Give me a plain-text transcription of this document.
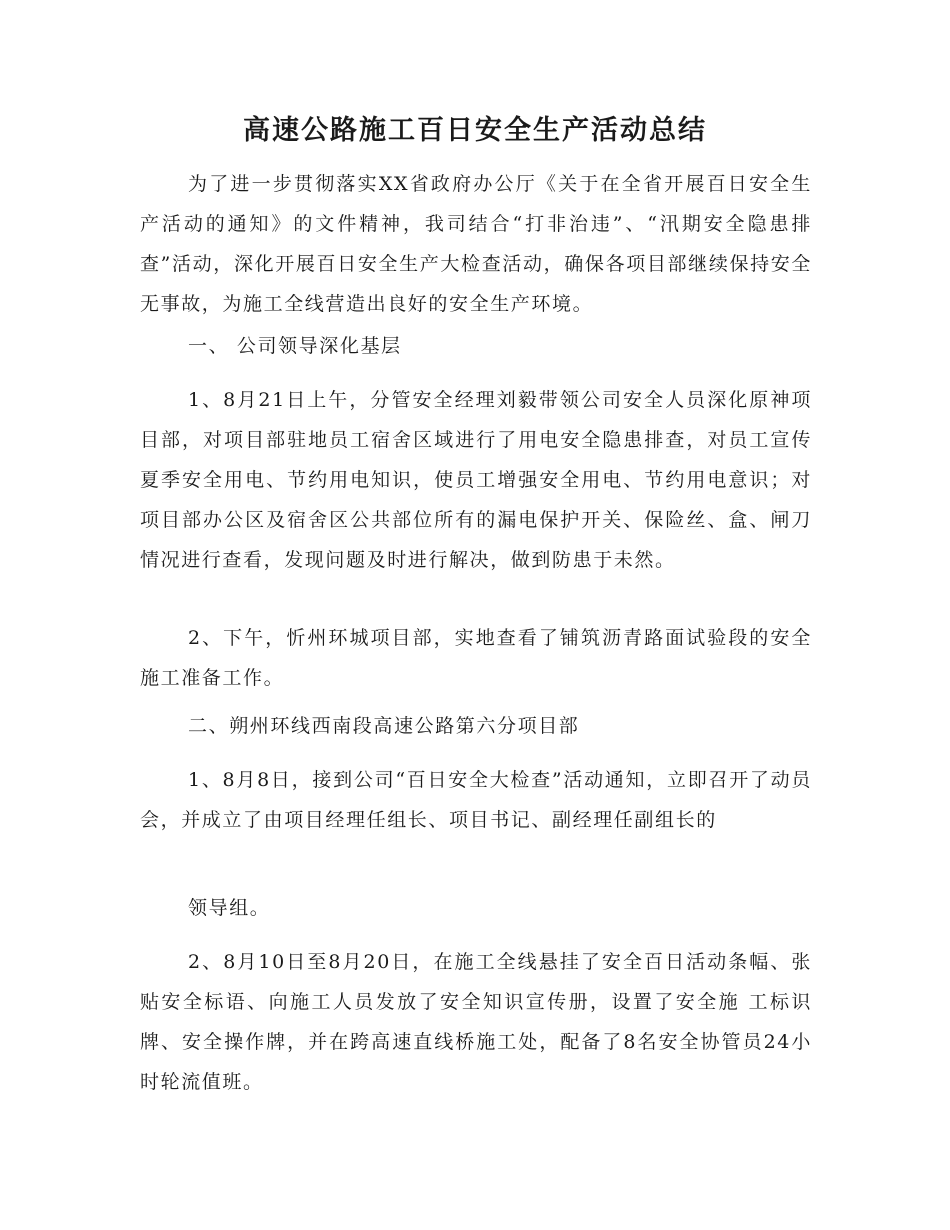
高速公路施工百日安全生产活动总结

为了进一步贯彻落实XX省政府办公厅《关于在全省开展百日安全生产活动的通知》的文件精神，我司结合“打非治违”、“汛期安全隐患排查”活动，深化开展百日安全生产大检查活动，确保各项目部继续保持安全无事故，为施工全线营造出良好的安全生产环境。

一、 公司领导深化基层

1、8月21日上午，分管安全经理刘毅带领公司安全人员深化原神项目部，对项目部驻地员工宿舍区域进行了用电安全隐患排查，对员工宣传夏季安全用电、节约用电知识，使员工增强安全用电、节约用电意识；对项目部办公区及宿舍区公共部位所有的漏电保护开关、保险丝、盒、闸刀情况进行查看，发现问题及时进行解决，做到防患于未然。

2、下午，忻州环城项目部，实地查看了铺筑沥青路面试验段的安全施工准备工作。

二、朔州环线西南段高速公路第六分项目部

1、8月8日，接到公司“百日安全大检查”活动通知，立即召开了动员会，并成立了由项目经理任组长、项目书记、副经理任副组长的

领导组。

2、8月10日至8月20日，在施工全线悬挂了安全百日活动条幅、张贴安全标语、向施工人员发放了安全知识宣传册，设置了安全施 工标识牌、安全操作牌，并在跨高速直线桥施工处，配备了8名安全协管员24小时轮流值班。
